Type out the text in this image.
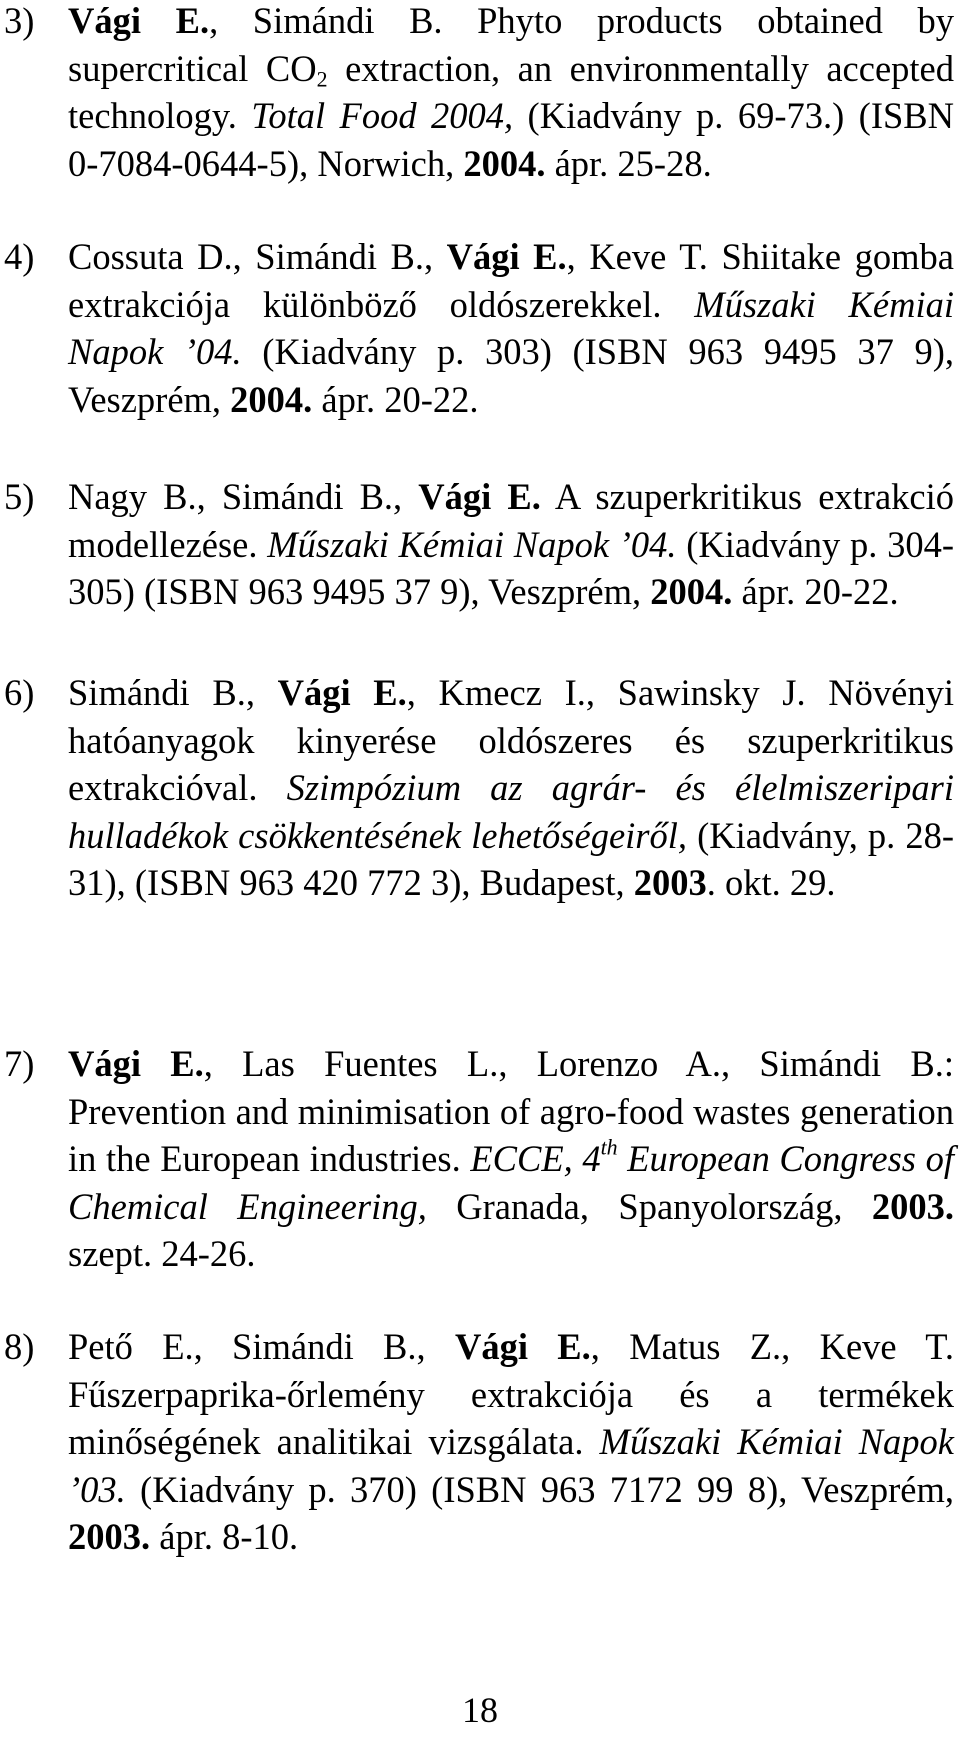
3) Vági E., Simándi B. Phyto products obtained by supercritical $CO_2$ extraction, an environmentally accepted technology. Total Food 2004, (Kiadvány p. 69-73.) (ISBN 0-7084-0644-5), Norwich, 2004. ápr. 25-28.
4) Cossuta D., Simándi B., Vági E., Keve T. Shiitake gomba extrakciója különböző oldószerekkel. Műszaki Kémiai Napok ’04. (Kiadvány p. 303) (ISBN 963 9495 37 9), Veszprém, 2004. ápr. 20-22.
5) Nagy B., Simándi B., Vági E. A szuperkritikus extrakció modellezése. Műszaki Kémiai Napok ’04. (Kiadvány p. 304-305) (ISBN 963 9495 37 9), Veszprém, 2004. ápr. 20-22.
6) Simándi B., Vági E., Kmecz I., Sawinsky J. Növényi hatóanyagok kinyerése oldószeres és szuperkritikus extrakcióval. Szimpózium az agrár- és élelmiszeripari hulladékok csökkentésének lehetőségeiről, (Kiadvány, p. 28-31), (ISBN 963 420 772 3), Budapest, 2003. okt. 29.
7) Vági E., Las Fuentes L., Lorenzo A., Simándi B.: Prevention and minimisation of agro-food wastes generation in the European industries. ECCE, 4th European Congress of Chemical Engineering, Granada, Spanyolország, 2003. szept. 24-26.
8) Pető E., Simándi B., Vági E., Matus Z., Keve T. Fűszerpaprika-őrlemény extrakciója és a termékek minőségének analitikai vizsgálata. Műszaki Kémiai Napok ’03. (Kiadvány p. 370) (ISBN 963 7172 99 8), Veszprém, 2003. ápr. 8-10.
18
